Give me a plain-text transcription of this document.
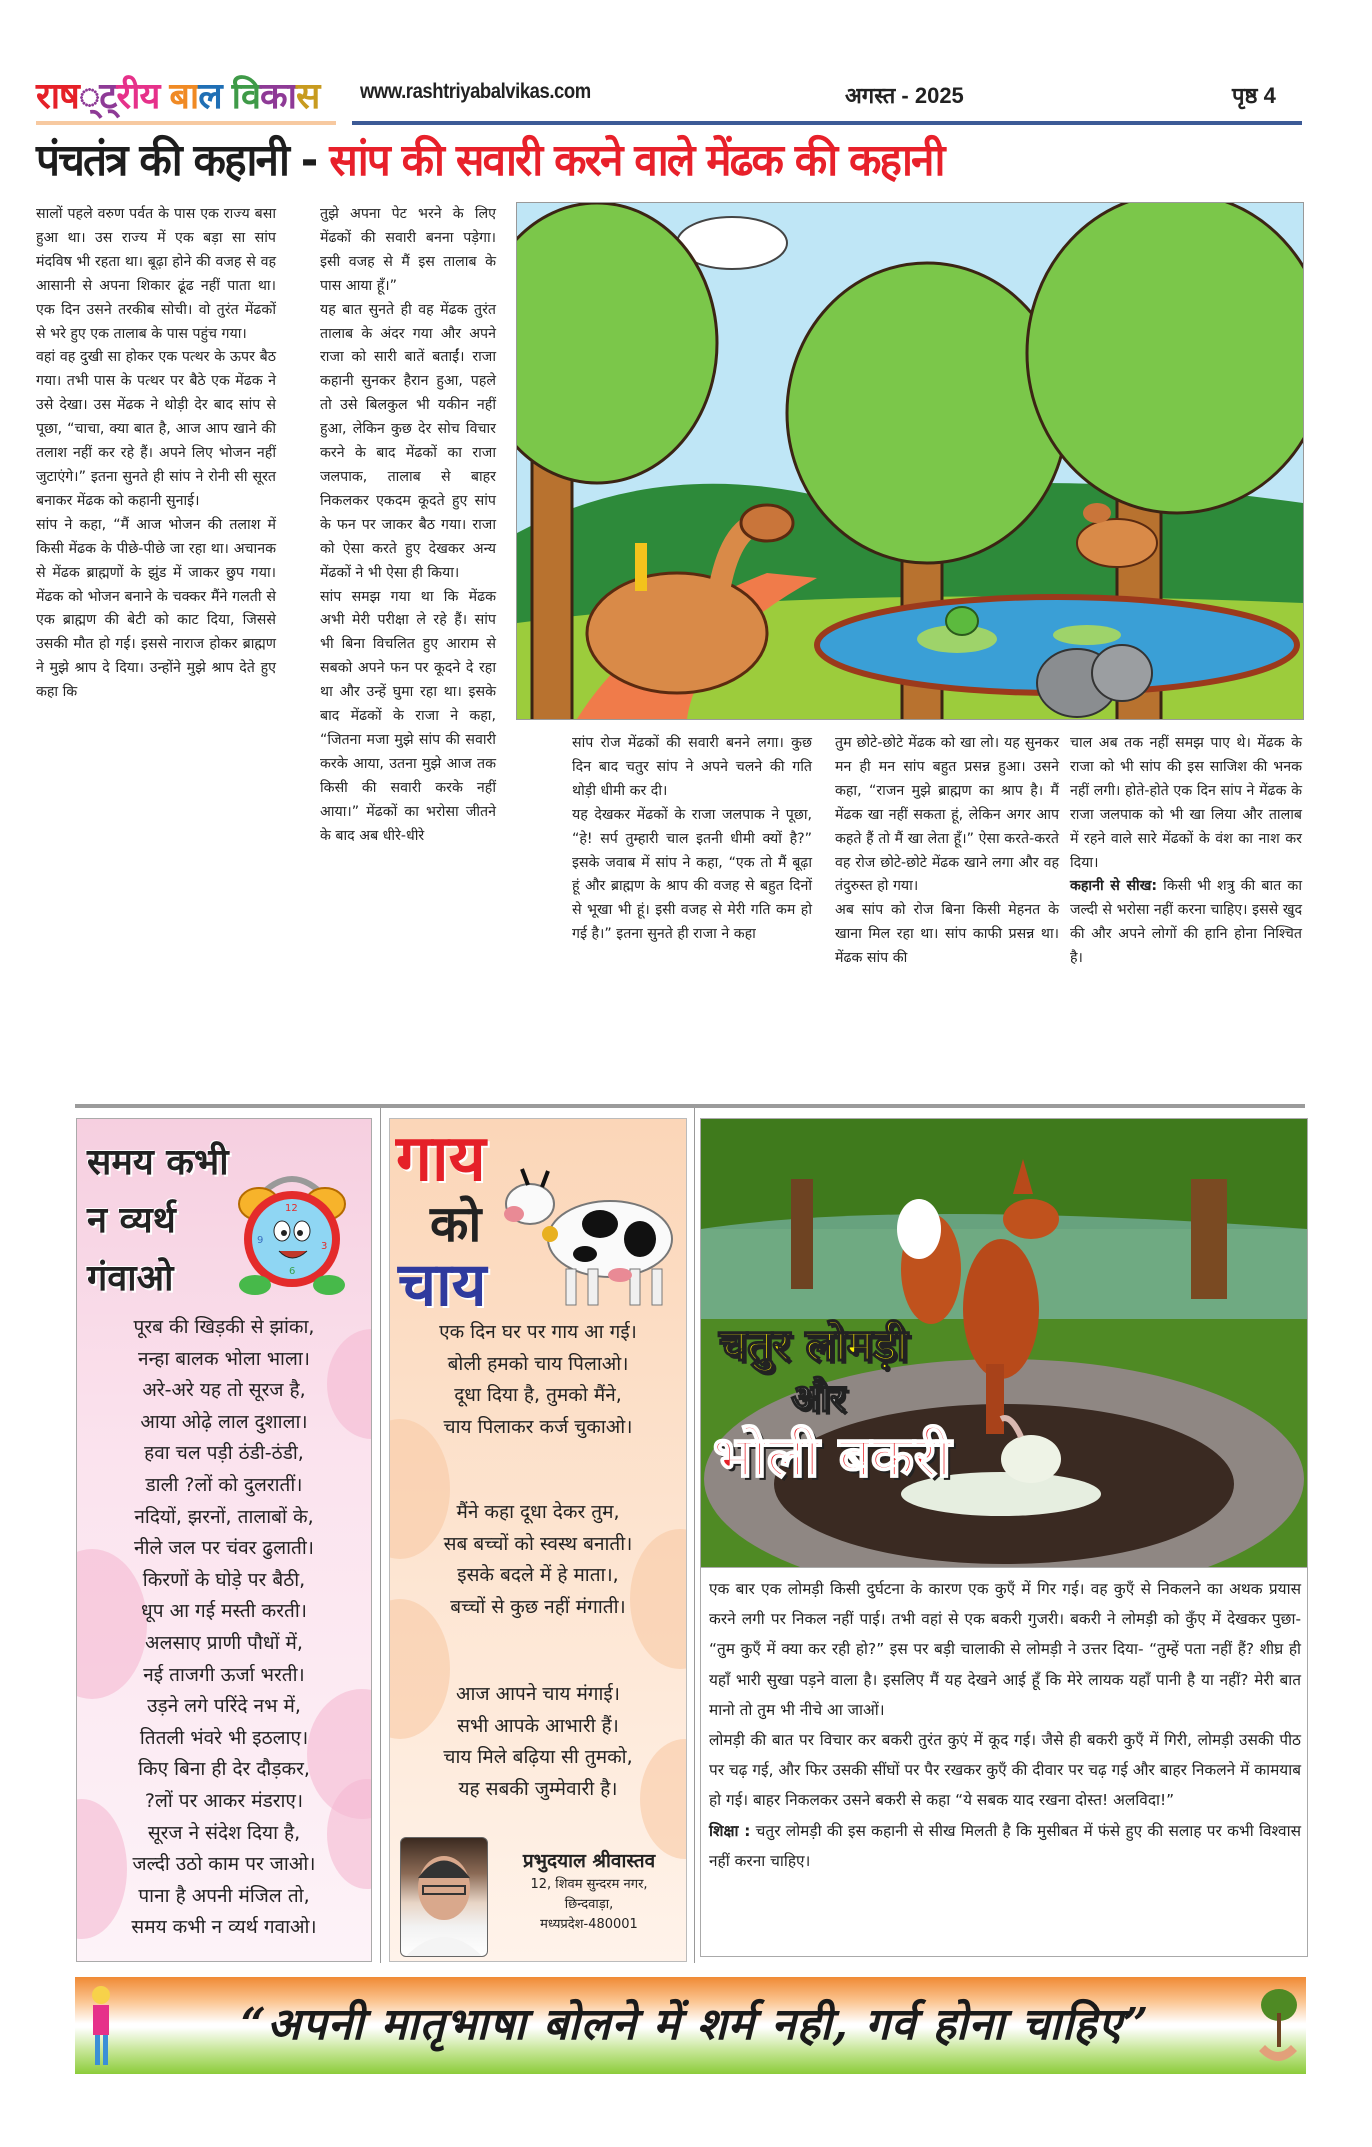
राष ्ट् रीय बा ल वि का स www.rashtriyabalvikas.com	अगस्त - 2025	पृष्ठ 4
पंचतंत्र की कहानी - सांप की सवारी करने वाले मेंढक की कहानी

सालों पहले वरुण पर्वत के पास एक राज्य बसा हुआ था। उस राज्य में एक बड़ा सा सांप मंदविष भी रहता था। बूढ़ा होने की वजह से वह आसानी से अपना शिकार ढूंढ नहीं पाता था। एक दिन उसने तरकीब सोची। वो तुरंत मेंढकों से भरे हुए एक तालाब के पास पहुंच गया।

वहां वह दुखी सा होकर एक पत्थर के ऊपर बैठ गया। तभी पास के पत्थर पर बैठे एक मेंढक ने उसे देखा। उस मेंढक ने थोड़ी देर बाद सांप से पूछा, “चाचा, क्या बात है, आज आप खाने की तलाश नहीं कर रहे हैं। अपने लिए भोजन नहीं जुटाएंगे।” इतना सुनते ही सांप ने रोनी सी सूरत बनाकर मेंढक को कहानी सुनाई।

सांप ने कहा, “मैं आज भोजन की तलाश में किसी मेंढक के पीछे-पीछे जा रहा था। अचानक से मेंढक ब्राह्मणों के झुंड में जाकर छुप गया। मेंढक को भोजन बनाने के चक्कर मैंने गलती से एक ब्राह्मण की बेटी को काट दिया, जिससे उसकी मौत हो गई। इससे नाराज होकर ब्राह्मण ने मुझे श्राप दे दिया। उन्होंने मुझे श्राप देते हुए कहा कि

तुझे अपना पेट भरने के लिए मेंढकों की सवारी बनना पड़ेगा। इसी वजह से मैं इस तालाब के पास आया हूँ।”

यह बात सुनते ही वह मेंढक तुरंत तालाब के अंदर गया और अपने राजा को सारी बातें बताईं। राजा कहानी सुनकर हैरान हुआ, पहले तो उसे बिलकुल भी यकीन नहीं हुआ, लेकिन कुछ देर सोच विचार करने के बाद मेंढकों का राजा जलपाक, तालाब से बाहर निकलकर एकदम कूदते हुए सांप के फन पर जाकर बैठ गया। राजा को ऐसा करते हुए देखकर अन्य मेंढकों ने भी ऐसा ही किया।

सांप समझ गया था कि मेंढक अभी मेरी परीक्षा ले रहे हैं। सांप भी बिना विचलित हुए आराम से सबको अपने फन पर कूदने दे रहा था और उन्हें घुमा रहा था। इसके बाद मेंढकों के राजा ने कहा, “जितना मजा मुझे सांप की सवारी करके आया, उतना मुझे आज तक किसी की सवारी करके नहीं आया।” मेंढकों का भरोसा जीतने के बाद अब धीरे-धीरे

सांप रोज मेंढकों की सवारी बनने लगा। कुछ दिन बाद चतुर सांप ने अपने चलने की गति थोड़ी धीमी कर दी।

यह देखकर मेंढकों के राजा जलपाक ने पूछा, “हे! सर्प तुम्हारी चाल इतनी धीमी क्यों है?” इसके जवाब में सांप ने कहा, “एक तो मैं बूढ़ा हूं और ब्राह्मण के श्राप की वजह से बहुत दिनों से भूखा भी हूं। इसी वजह से मेरी गति कम हो गई है।” इतना सुनते ही राजा ने कहा

तुम छोटे-छोटे मेंढक को खा लो। यह सुनकर मन ही मन सांप बहुत प्रसन्न हुआ। उसने कहा, “राजन मुझे ब्राह्मण का श्राप है। मैं मेंढक खा नहीं सकता हूं, लेकिन अगर आप कहते हैं तो मैं खा लेता हूँ।” ऐसा करते-करते वह रोज छोटे-छोटे मेंढक खाने लगा और वह तंदुरुस्त हो गया।

अब सांप को रोज बिना किसी मेहनत के खाना मिल रहा था। सांप काफी प्रसन्न था। मेंढक सांप की

चाल अब तक नहीं समझ पाए थे। मेंढक के राजा को भी सांप की इस साजिश की भनक नहीं लगी। होते-होते एक दिन सांप ने मेंढक के राजा जलपाक को भी खा लिया और तालाब में रहने वाले सारे मेंढकों के वंश का नाश कर दिया।

कहानी से सीख: किसी भी शत्रु की बात का जल्दी से भरोसा नहीं करना चाहिए। इससे खुद की और अपने लोगों की हानि होना निश्चित है।

समय कभी
न व्यर्थ
गंवाओ
12
9
3
6
पूरब की खिड़की से झांका,
नन्हा बालक भोला भाला।
अरे-अरे यह तो सूरज है,
आया ओढ़े लाल दुशाला।
हवा चल पड़ी ठंडी-ठंडी,
डाली ?लों को दुलरातीं।
नदियों, झरनों, तालाबों के,
नीले जल पर चंवर ढुलाती।
किरणों के घोड़े पर बैठी,
धूप आ गई मस्ती करती।
अलसाए प्राणी पौधों में,
नई ताजगी ऊर्जा भरती।
उड़ने लगे परिंदे नभ में,
तितली भंवरे भी इठलाए।
किए बिना ही देर दौड़कर,
?लों पर आकर मंडराए।
सूरज ने संदेश दिया है,
जल्दी उठो काम पर जाओ।
पाना है अपनी मंजिल तो,
समय कभी न व्यर्थ गवाओ।
गाय
को
चाय
एक दिन घर पर गाय आ गई।
बोली हमको चाय पिलाओ।
दूधा दिया है, तुमको मैंने,
चाय पिलाकर कर्ज चुकाओ।
मैंने कहा दूधा देकर तुम,
सब बच्चों को स्वस्थ बनाती।
इसके बदले में हे माता।,
बच्चों से कुछ नहीं मंगाती।
आज आपने चाय मंगाई।
सभी आपके आभारी हैं।
चाय मिले बढ़िया सी तुमको,
यह सबकी जुम्मेवारी है।
प्रभुदयाल श्रीवास्तव
12, शिवम सुन्दरम नगर,
छिन्दवाड़ा,
मध्यप्रदेश-480001
चतुर लोमड़ी
और
भोली बकरी

एक बार एक लोमड़ी किसी दुर्घटना के कारण एक कुएँ में गिर गई। वह कुएँ से निकलने का अथक प्रयास करने लगी पर निकल नहीं पाई। तभी वहां से एक बकरी गुजरी। बकरी ने लोमड़ी को कुँए में देखकर पुछा- “तुम कुएँ में क्या कर रही हो?” इस पर बड़ी चालाकी से लोमड़ी ने उत्तर दिया- “तुम्हें पता नहीं हैं? शीघ्र ही यहाँ भारी सुखा पड़ने वाला है। इसलिए मैं यह देखने आई हूँ कि मेरे लायक यहाँ पानी है या नहीं? मेरी बात मानो तो तुम भी नीचे आ जाओं।

लोमड़ी की बात पर विचार कर बकरी तुरंत कुएं में कूद गई। जैसे ही बकरी कुएँ में गिरी, लोमड़ी उसकी पीठ पर चढ़ गई, और फिर उसकी सींघों पर पैर रखकर कुएँ की दीवार पर चढ़ गई और बाहर निकलने में कामयाब हो गई। बाहर निकलकर उसने बकरी से कहा “ये सबक याद रखना दोस्त! अलविदा!”

शिक्षा : चतुर लोमड़ी की इस कहानी से सीख मिलती है कि मुसीबत में फंसे हुए की सलाह पर कभी विश्वास नहीं करना चाहिए।

“अपनी मातृभाषा बोलने में शर्म नही, गर्व होना चाहिए”
